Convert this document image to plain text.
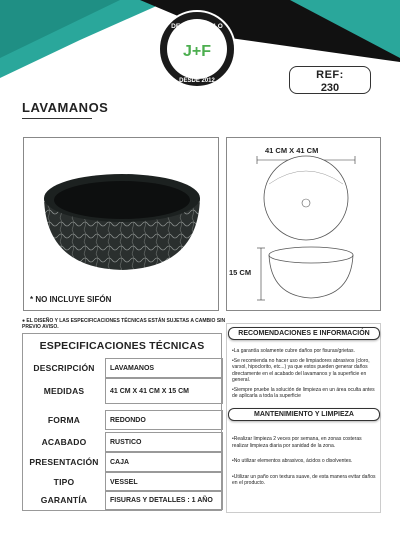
DECORAESTILO
J+F
DESDE 2012	REF:
230
LAVAMANOS
* NO INCLUYE SIFÓN
41 CM X 41 CM
15 CM
● EL DISEÑO Y LAS ESPECIFICACIONES TÉCNICAS ESTÁN SUJETAS A CAMBIO SIN PREVIO AVISO.
ESPECIFICACIONES TÉCNICAS
DESCRIPCIÓN	LAVAMANOS
MEDIDAS	41 CM X 41 CM X 15 CM
FORMA	REDONDO
ACABADO	RUSTICO
PRESENTACIÓN	CAJA
TIPO	VESSEL
GARANTÍA	FISURAS Y DETALLES : 1 AÑO
RECOMENDACIONES E INFORMACIÓN

• La garantía solamente cubre daños por fisuras/grietas.

• Se recomienda no hacer uso de limpiadores abrasivos (cloro, varsol, hipoclorito, etc...) ya que estos pueden generar daños directamente en el acabado del lavamanos y la superficie en general.

• Siempre pruebe la solución de limpieza en un área oculta antes de aplicarla a toda la superficie

MANTENIMIENTO Y LIMPIEZA

• Realizar limpieza 2 veces por semana, en zonas costeras realizar limpieza diaria por sanidad de la zona.

• No utilizar elementos abrasivos, ácidos o disolventes.

• Utilizar un paño con textura suave, de esta manera evitar daños en el producto.
